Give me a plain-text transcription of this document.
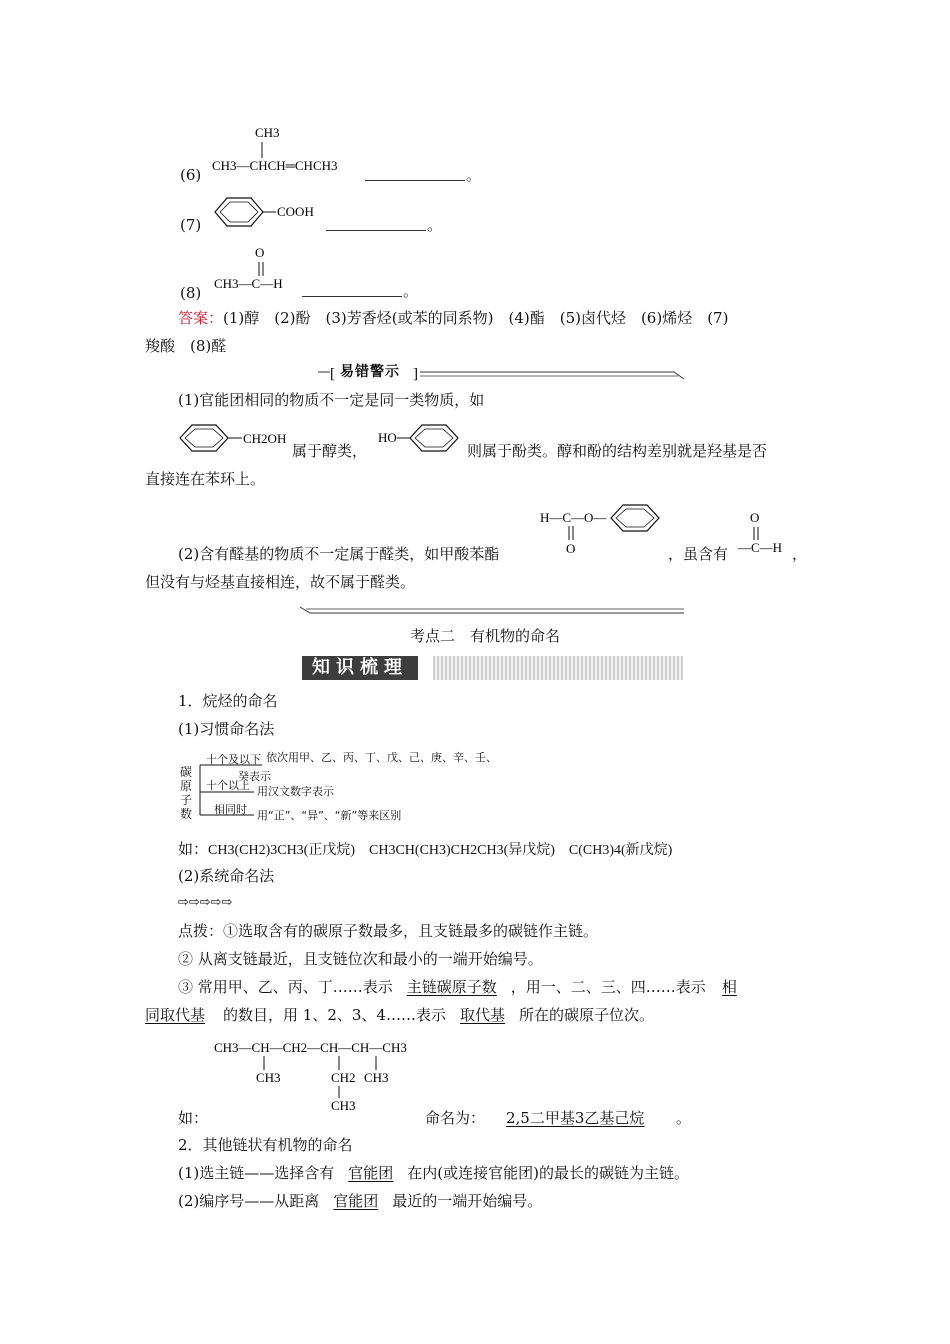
(6)
CH3
CH3—CHCH═CHCH3
。
(7)
COOH
。
(8)
O
CH3—C—H	。
答案：(1)醇　(2)酚　(3)芳香烃(或苯的同系物)　(4)酯　(5)卤代烃　(6)烯烃　(7)
羧酸　(8)醛
[	]
易错警示
(1)官能团相同的物质不一定是同一类物质，如
CH2OH
属于醇类，
HO
则属于酚类。醇和酚的结构差别就是羟基是否
直接连在苯环上。
H—C—O—
O
(2)含有醛基的物质不一定属于醛类，如甲酸苯酯	，虽含有
O
—C—H ，
但没有与烃基直接相连，故不属于醛类。
考点二　有机物的命名
知识梳理
1．烷烃的命名
(1)习惯命名法
碳
原
子
数
十个及以下 依次用甲、乙、丙、丁、戊、己、庚、辛、壬、
癸表示
十个以上 用汉文数字表示
相同时 用“正”、“异”、“新”等来区别
如：CH3(CH2)3CH3(正戊烷)　CH3CH(CH3)CH2CH3(异戊烷)　C(CH3)4(新戊烷)
(2)系统命名法
⇨⇨⇨⇨⇨
点拨：①选取含有的碳原子数最多，且支链最多的碳链作主链。
② 从离支链最近，且支链位次和最小的一端开始编号。
③ 常用甲、乙、丙、丁……表示 主链碳原子数 ，用一、二、三、四……表示 相
同取代基 的数目，用 1、2、3、4……表示 取代基 所在的碳原子位次。
CH3—CH—CH2—CH—CH—CH3
CH3	CH2
CH3
CH3
如：	命名为：	2,5二甲基3乙基己烷	。
2．其他链状有机物的命名
(1)选主链——选择含有 官能团 在内(或连接官能团)的最长的碳链为主链。
(2)编序号——从距离 官能团 最近的一端开始编号。
